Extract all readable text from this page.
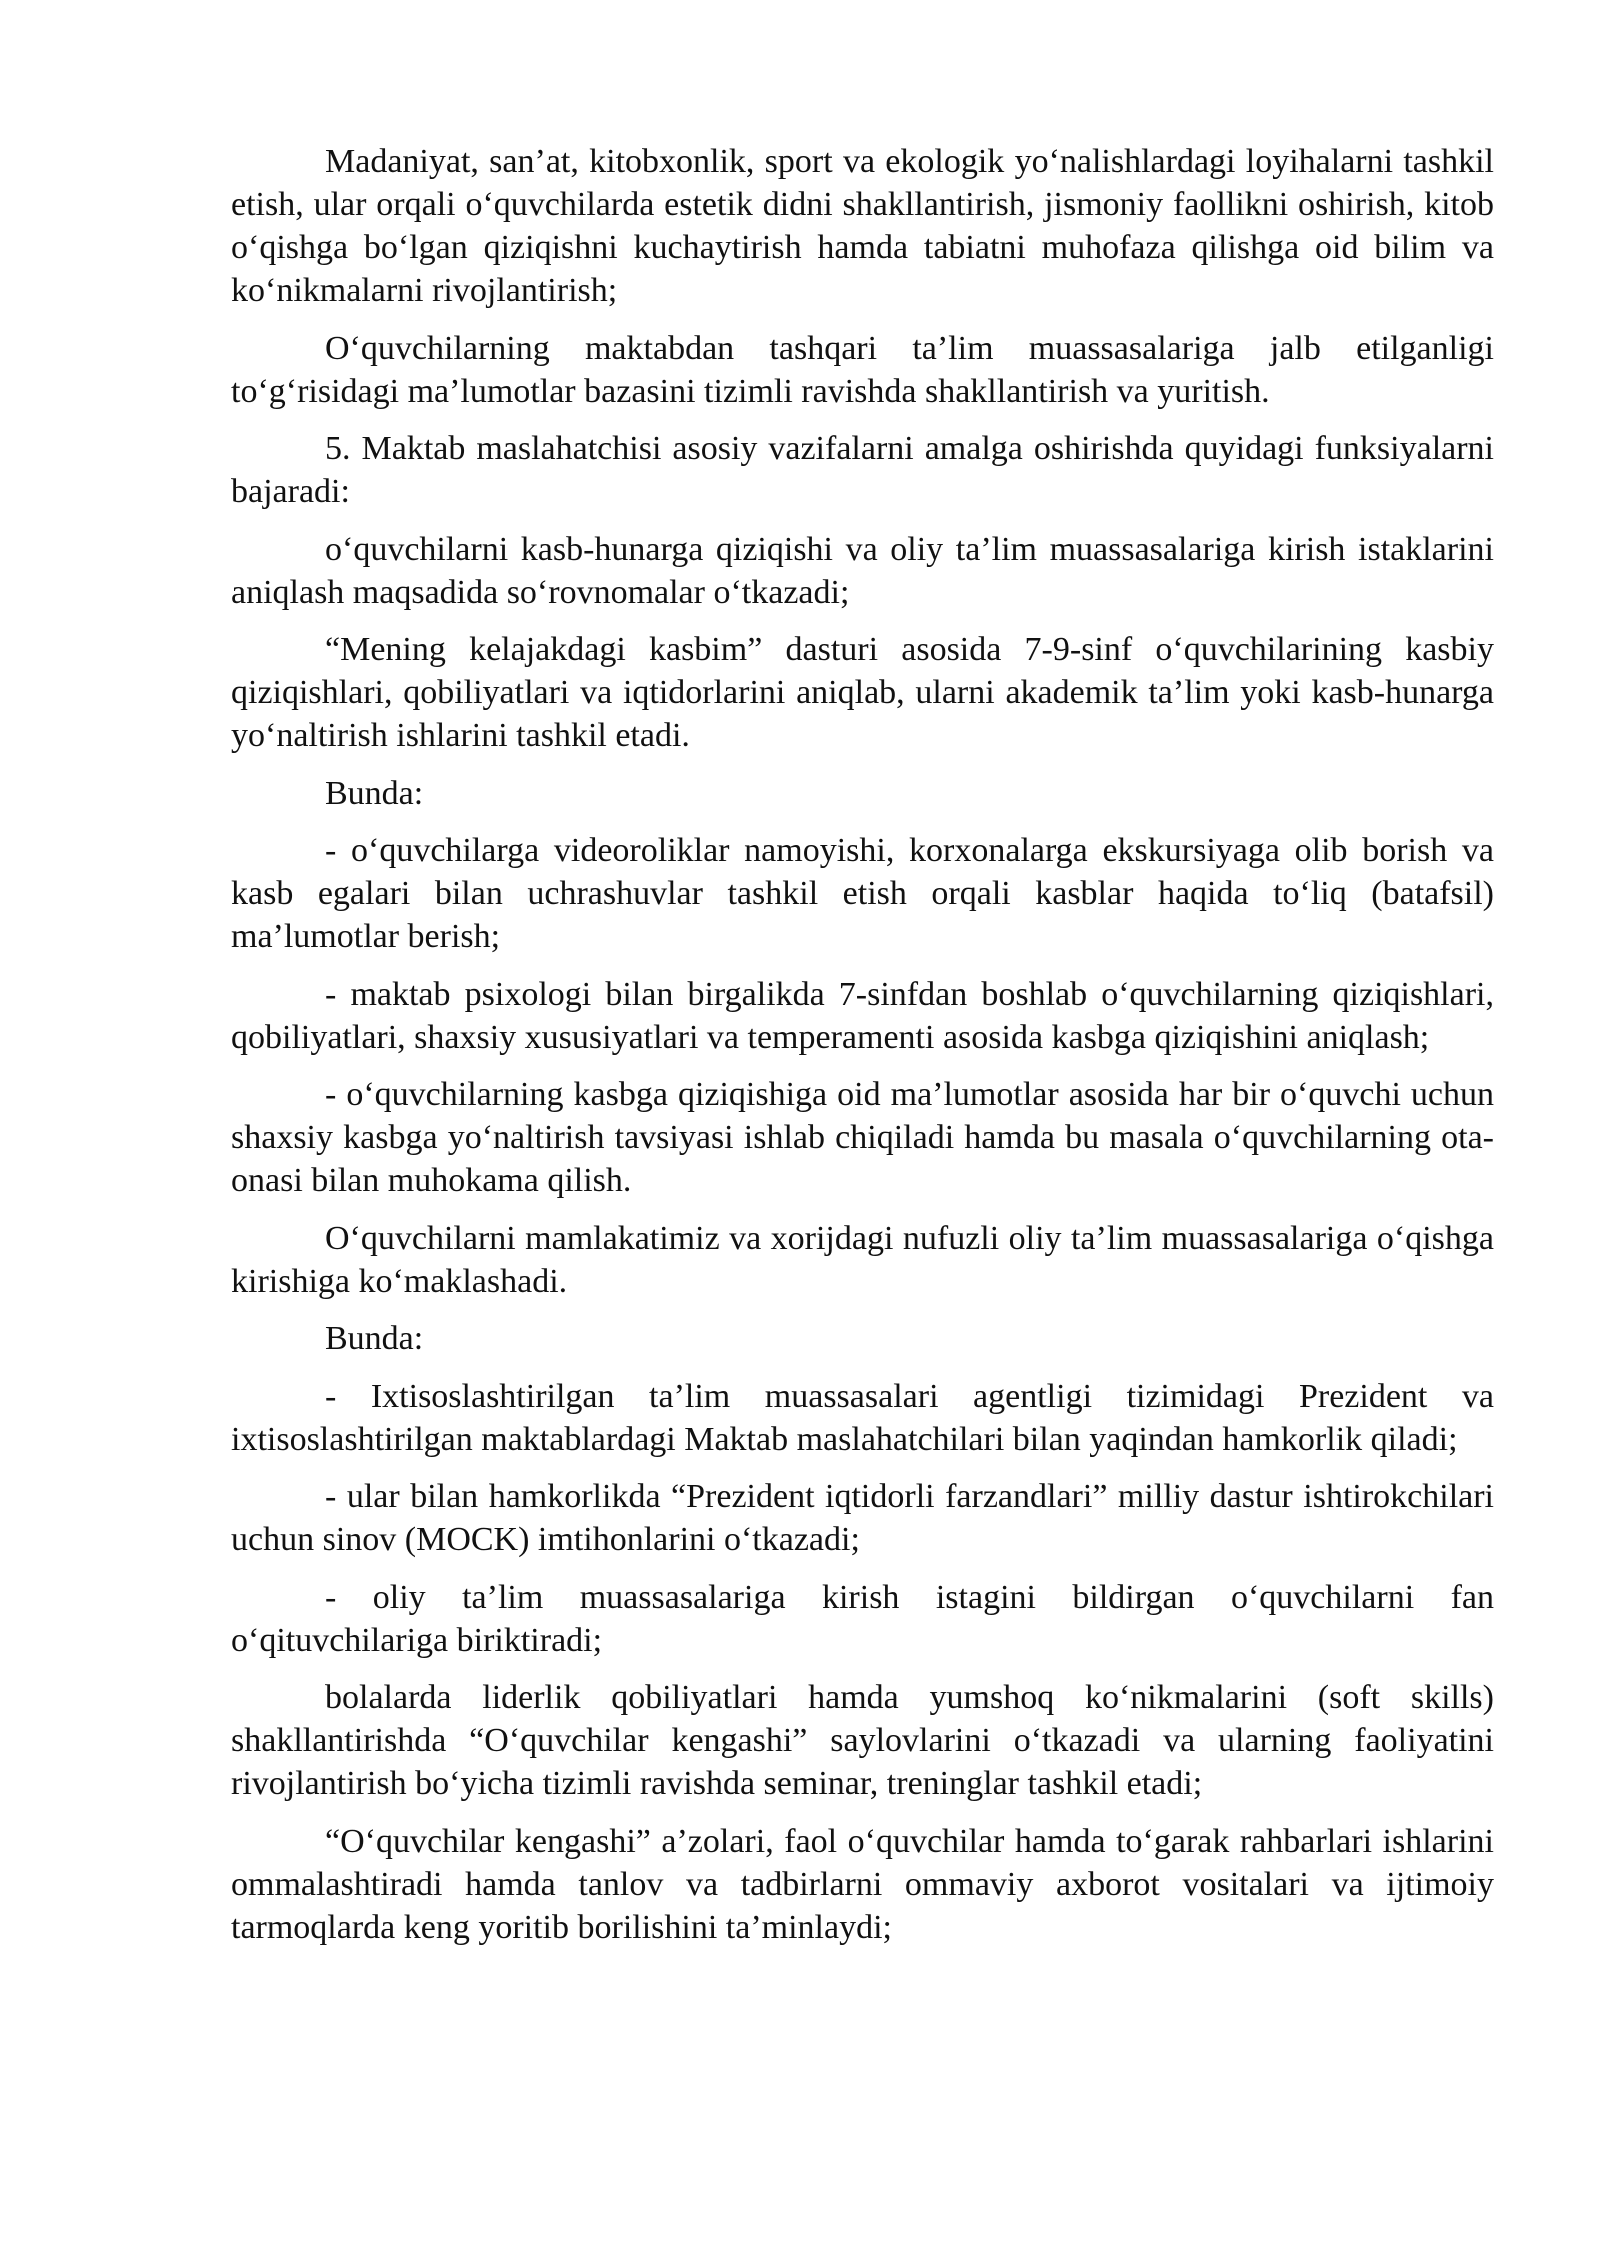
Madaniyat, san’at, kitobxonlik, sport va ekologik yo‘nalishlardagi loyihalarni tashkil etish, ular orqali o‘quvchilarda estetik didni shakllantirish, jismoniy faollikni oshirish, kitob o‘qishga bo‘lgan qiziqishni kuchaytirish hamda tabiatni muhofaza qilishga oid bilim va ko‘nikmalarni rivojlantirish;

O‘quvchilarning maktabdan tashqari ta’lim muassasalariga jalb etilganligi to‘g‘risidagi ma’lumotlar bazasini tizimli ravishda shakllantirish va yuritish.

5. Maktab maslahatchisi asosiy vazifalarni amalga oshirishda quyidagi funksiyalarni bajaradi:

o‘quvchilarni kasb-hunarga qiziqishi va oliy ta’lim muassasalariga kirish istaklarini aniqlash maqsadida so‘rovnomalar o‘tkazadi;

“Mening kelajakdagi kasbim” dasturi asosida 7-9-sinf o‘quvchilarining kasbiy qiziqishlari, qobiliyatlari va iqtidorlarini aniqlab, ularni akademik ta’lim yoki kasb-hunarga yo‘naltirish ishlarini tashkil etadi.

Bunda:

- o‘quvchilarga videoroliklar namoyishi, korxonalarga ekskursiyaga olib borish va kasb egalari bilan uchrashuvlar tashkil etish orqali kasblar haqida to‘liq (batafsil) ma’lumotlar berish;

- maktab psixologi bilan birgalikda 7-sinfdan boshlab o‘quvchilarning qiziqishlari, qobiliyatlari, shaxsiy xususiyatlari va temperamenti asosida kasbga qiziqishini aniqlash;

- o‘quvchilarning kasbga qiziqishiga oid ma’lumotlar asosida har bir o‘quvchi uchun shaxsiy kasbga yo‘naltirish tavsiyasi ishlab chiqiladi hamda bu masala o‘quvchilarning ota-onasi bilan muhokama qilish.

O‘quvchilarni mamlakatimiz va xorijdagi nufuzli oliy ta’lim muassasalariga o‘qishga kirishiga ko‘maklashadi.

Bunda:

- Ixtisoslashtirilgan ta’lim muassasalari agentligi tizimidagi Prezident va ixtisoslashtirilgan maktablardagi Maktab maslahatchilari bilan yaqindan hamkorlik qiladi;

- ular bilan hamkorlikda “Prezident iqtidorli farzandlari” milliy dastur ishtirokchilari uchun sinov (MOCK) imtihonlarini o‘tkazadi;

- oliy ta’lim muassasalariga kirish istagini bildirgan o‘quvchilarni fan o‘qituvchilariga biriktiradi;

bolalarda liderlik qobiliyatlari hamda yumshoq ko‘nikmalarini (soft skills) shakllantirishda “O‘quvchilar kengashi” saylovlarini o‘tkazadi va ularning faoliyatini rivojlantirish bo‘yicha tizimli ravishda seminar, treninglar tashkil etadi;

“O‘quvchilar kengashi” a’zolari, faol o‘quvchilar hamda to‘garak rahbarlari ishlarini ommalashtiradi hamda tanlov va tadbirlarni ommaviy axborot vositalari va ijtimoiy tarmoqlarda keng yoritib borilishini ta’minlaydi;
